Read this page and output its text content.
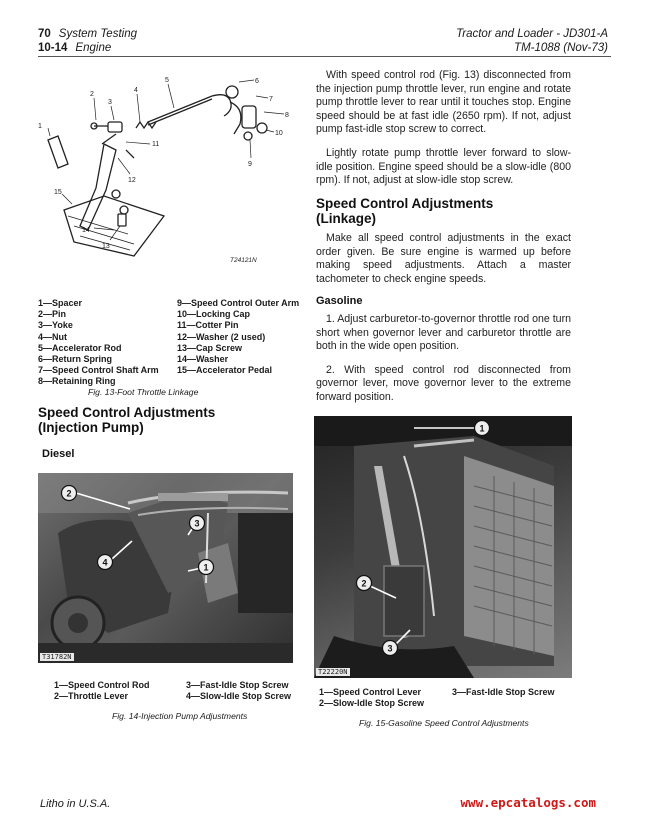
70 System Testing
10-14 Engine
Tractor and Loader - JD301-A
TM-1088 (Nov-73)
1
2
3
4
5	6
7
8
9
10
11
12
13
14
15
T24121N
1—Spacer
2—Pin
3—Yoke
4—Nut
5—Accelerator Rod
6—Return Spring
7—Speed Control Shaft Arm
8—Retaining Ring
9—Speed Control Outer Arm
10—Locking Cap
11—Cotter Pin
12—Washer (2 used)
13—Cap Screw
14—Washer
15—Accelerator Pedal
Fig. 13-Foot Throttle Linkage
Speed Control Adjustments
(Injection Pump)
Diesel
2
3
1
4
T31782N
1—Speed Control Rod
2—Throttle Lever
3—Fast-Idle Stop Screw
4—Slow-Idle Stop Screw
Fig. 14-Injection Pump Adjustments

With speed control rod (Fig. 13) disconnected from the injection pump throttle lever, run engine and rotate pump throttle lever to rear until it touches stop. Engine speed should be at fast idle (2650 rpm). If not, adjust pump fast-idle stop screw to correct.

Lightly rotate pump throttle lever forward to slow-idle position. Engine speed should be a slow-idle (800 rpm). If not, adjust at slow-idle stop screw.

Speed Control Adjustments
(Linkage)

Make all speed control adjustments in the exact order given. Be sure engine is warmed up before making speed adjustments. Attach a master tachometer to check engine speeds.

Gasoline

1. Adjust carburetor-to-governor throttle rod one turn short when governor lever and carburetor throttle are both in the wide open position.

2. With speed control rod disconnected from governor lever, move governor lever to the extreme forward position.

1
2
3
T22220N
1—Speed Control Lever
2—Slow-Idle Stop Screw
3—Fast-Idle Stop Screw
Fig. 15-Gasoline Speed Control Adjustments
Litho in U.S.A.	www.epcatalogs.com
